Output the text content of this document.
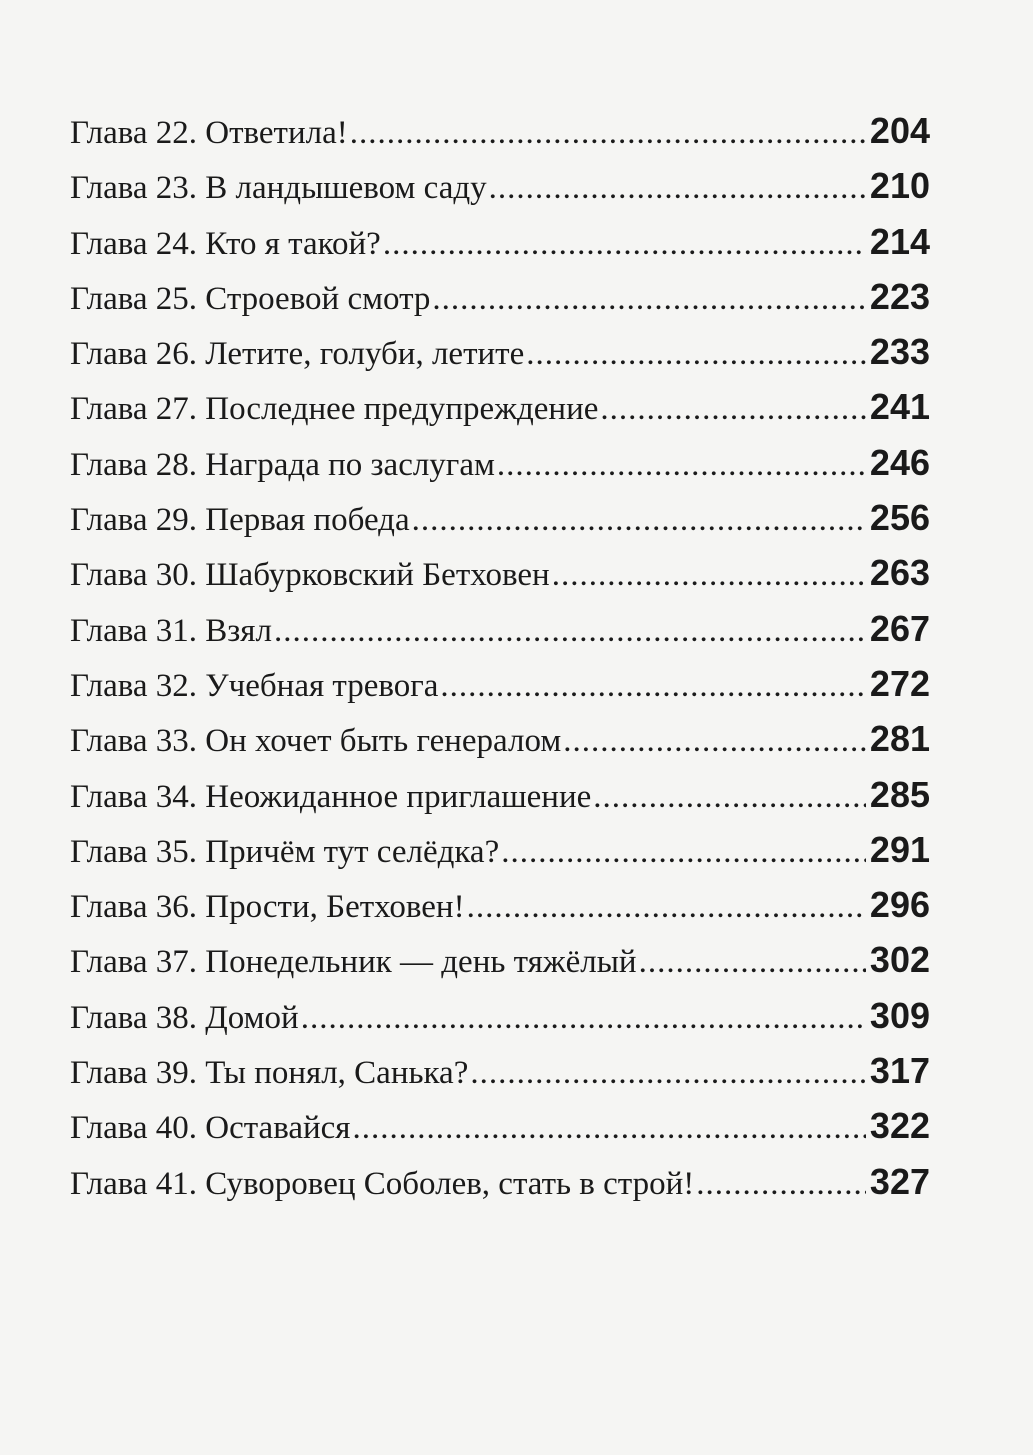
Глава 22. Ответила! .....	204
Глава 23. В ландышевом саду .....	210
Глава 24. Кто я такой? .....	214
Глава 25. Строевой смотр .....	223
Глава 26. Летите, голуби, летите .....	233
Глава 27. Последнее предупреждение .....	241
Глава 28. Награда по заслугам .....	246
Глава 29. Первая победа .....	256
Глава 30. Шабурковский Бетховен .....	263
Глава 31. Взял .....	267
Глава 32. Учебная тревога .....	272
Глава 33. Он хочет быть генералом .....	281
Глава 34. Неожиданное приглашение .....	285
Глава 35. Причём тут селёдка? .....	291
Глава 36. Прости, Бетховен! .....	296
Глава 37. Понедельник — день тяжёлый .....	302
Глава 38. Домой .....	309
Глава 39. Ты понял, Санька? .....	317
Глава 40. Оставайся .....	322
Глава 41. Суворовец Соболев, стать в строй! .....	327
